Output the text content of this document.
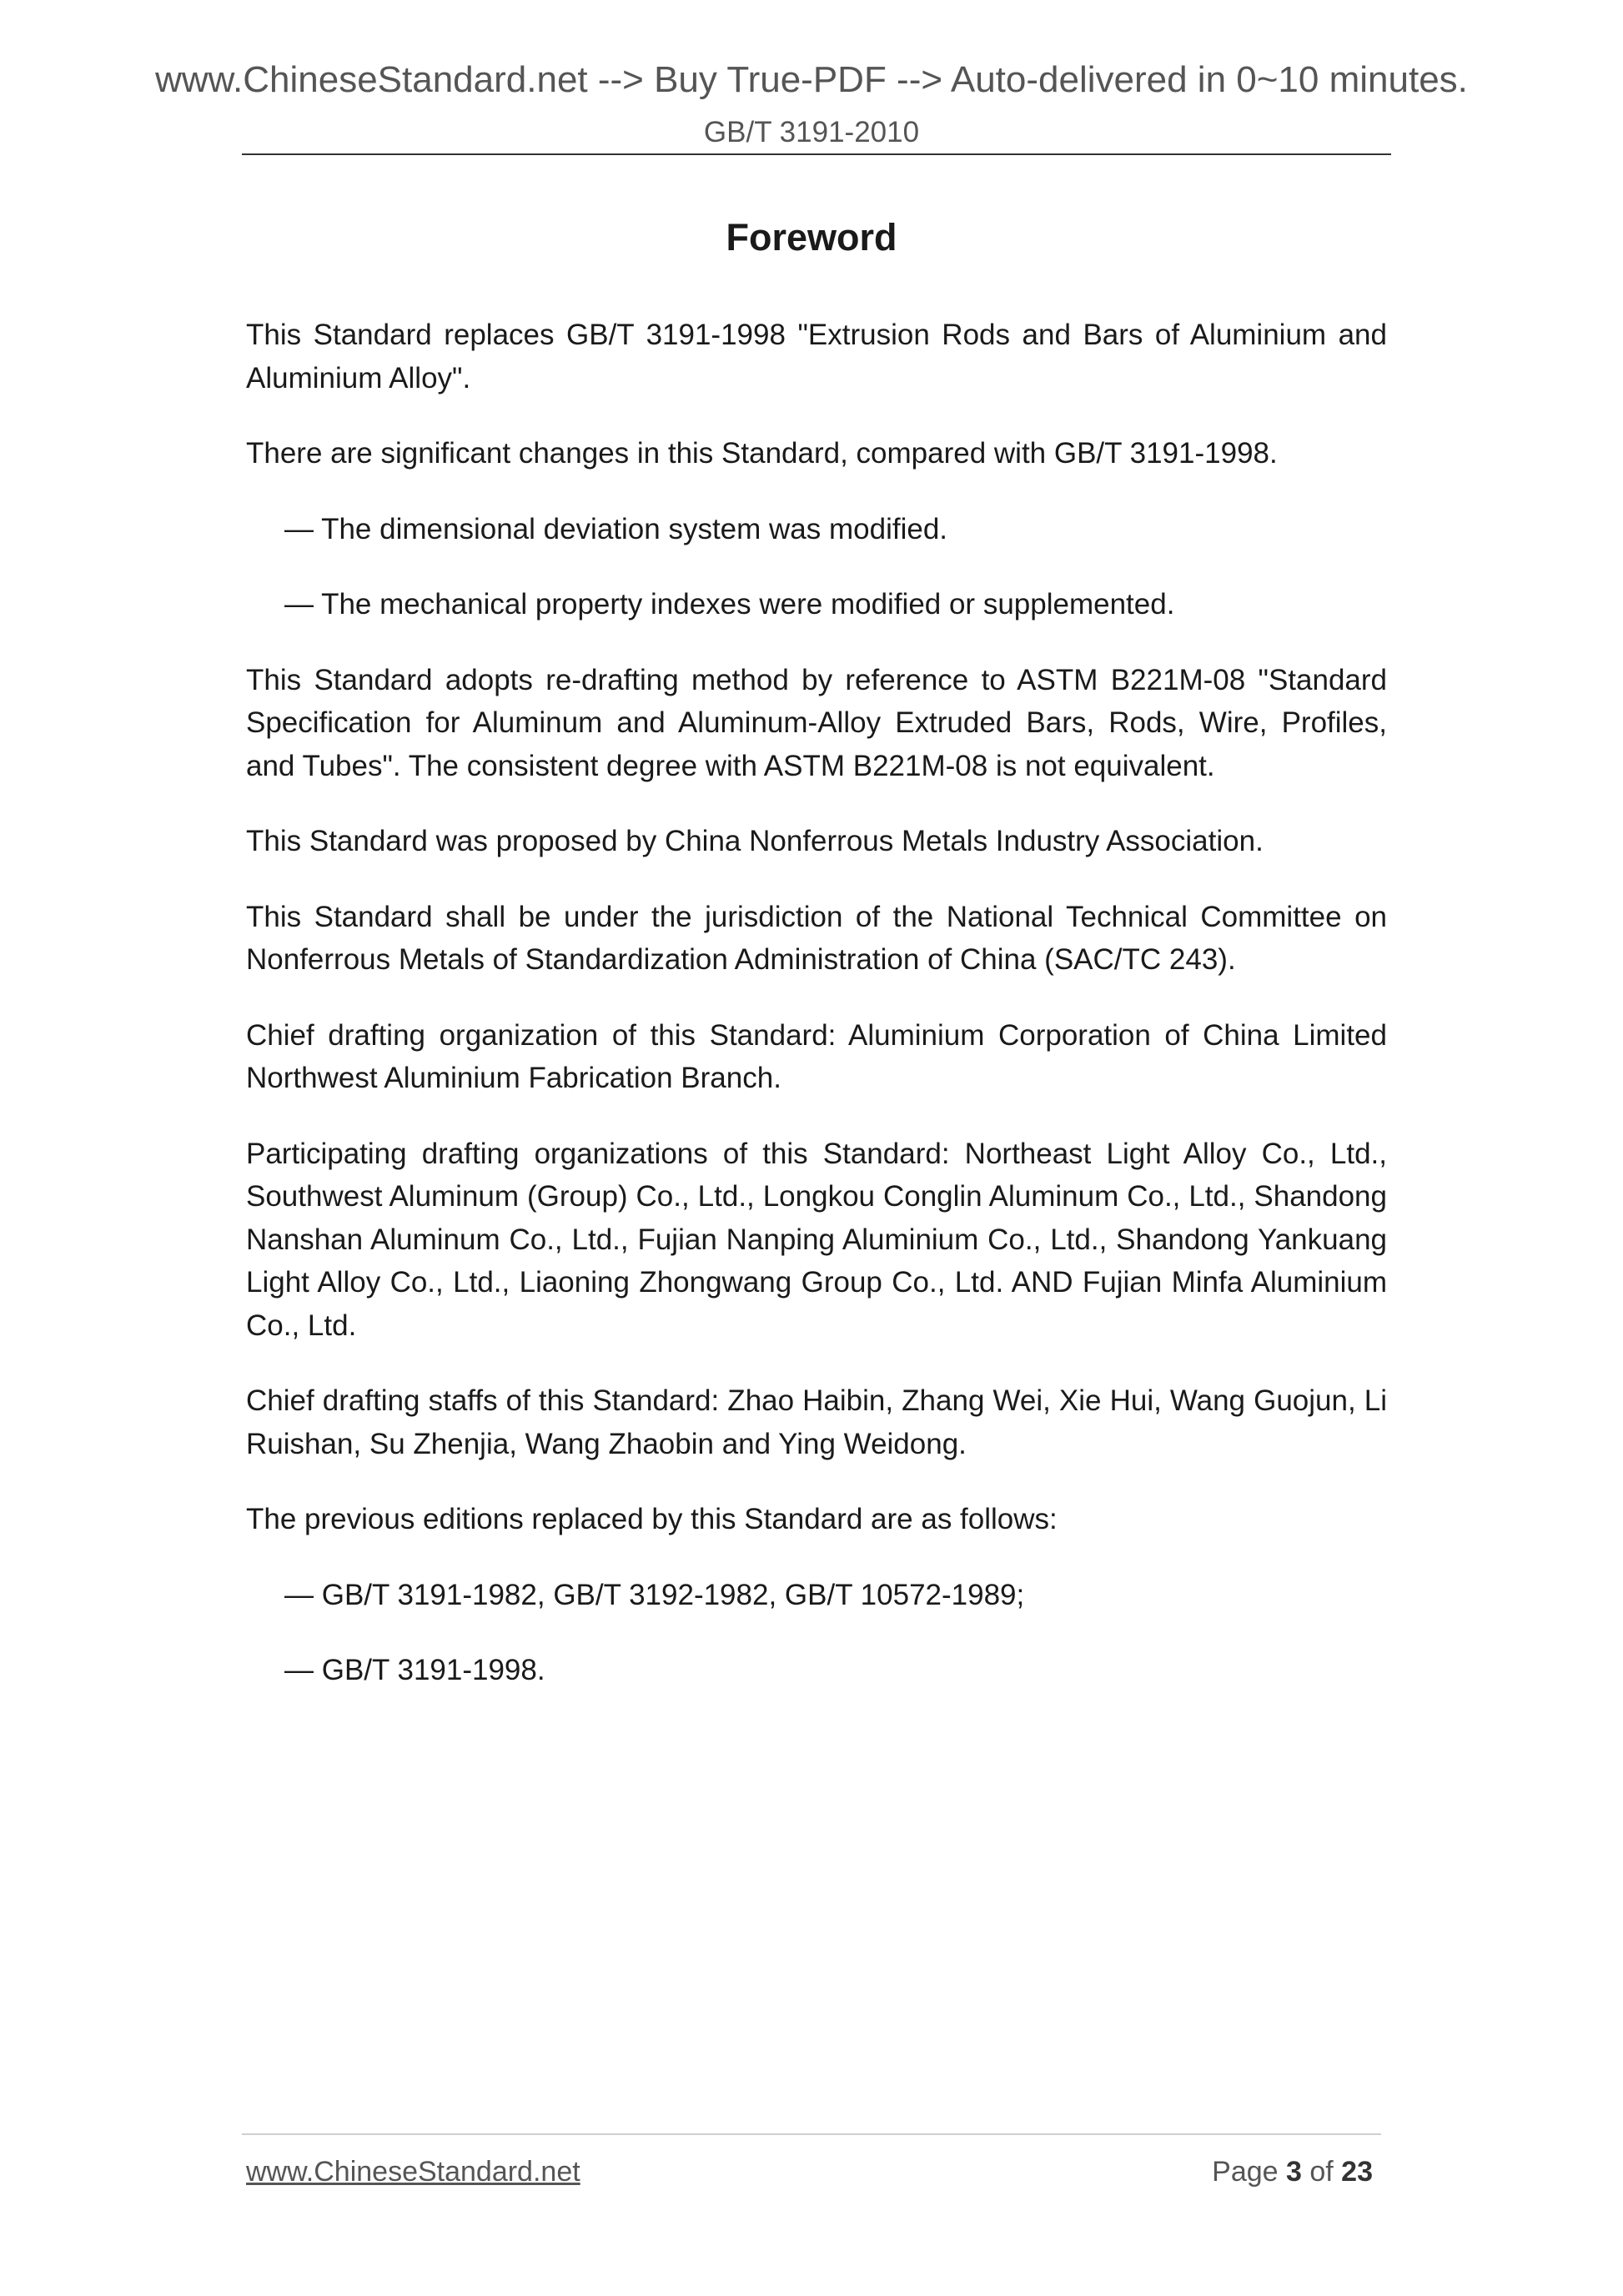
www.ChineseStandard.net --> Buy True-PDF --> Auto-delivered in 0~10 minutes.
GB/T 3191-2010
Foreword

This Standard replaces GB/T 3191-1998 "Extrusion Rods and Bars of Aluminium and Aluminium Alloy".

There are significant changes in this Standard, compared with GB/T 3191-1998.

— The dimensional deviation system was modified.

— The mechanical property indexes were modified or supplemented.

This Standard adopts re-drafting method by reference to ASTM B221M-08 "Standard Specification for Aluminum and Aluminum-Alloy Extruded Bars, Rods, Wire, Profiles, and Tubes". The consistent degree with ASTM B221M-08 is not equivalent.

This Standard was proposed by China Nonferrous Metals Industry Association.

This Standard shall be under the jurisdiction of the National Technical Committee on Nonferrous Metals of Standardization Administration of China (SAC/TC 243).

Chief drafting organization of this Standard: Aluminium Corporation of China Limited Northwest Aluminium Fabrication Branch.

Participating drafting organizations of this Standard: Northeast Light Alloy Co., Ltd., Southwest Aluminum (Group) Co., Ltd., Longkou Conglin Aluminum Co., Ltd., Shandong Nanshan Aluminum Co., Ltd., Fujian Nanping Aluminium Co., Ltd., Shandong Yankuang Light Alloy Co., Ltd., Liaoning Zhongwang Group Co., Ltd. AND Fujian Minfa Aluminium Co., Ltd.

Chief drafting staffs of this Standard: Zhao Haibin, Zhang Wei, Xie Hui, Wang Guojun, Li Ruishan, Su Zhenjia, Wang Zhaobin and Ying Weidong.

The previous editions replaced by this Standard are as follows:

— GB/T 3191-1982, GB/T 3192-1982, GB/T 10572-1989;

— GB/T 3191-1998.

www.ChineseStandard.net	Page 3 of 23
